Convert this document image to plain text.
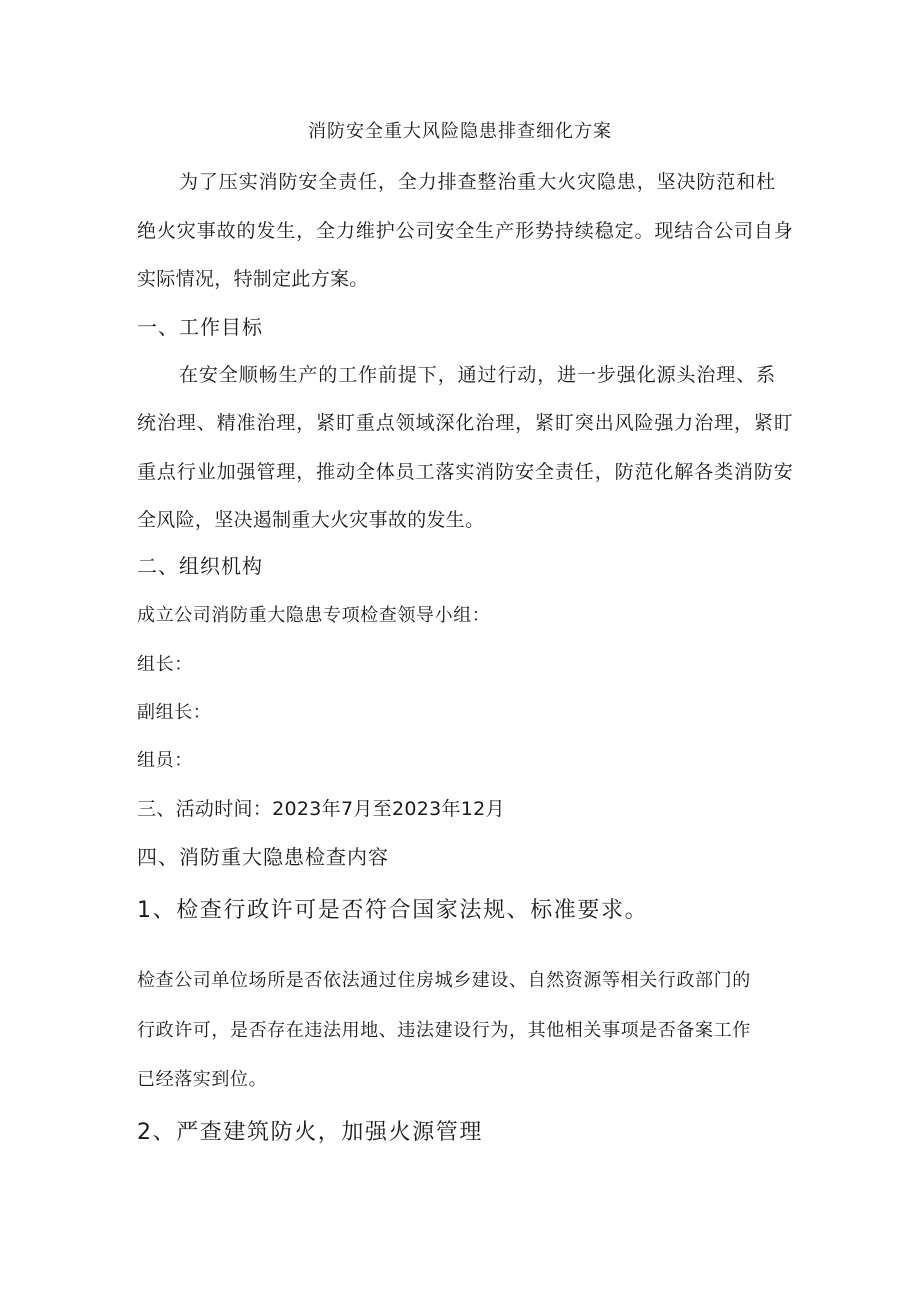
消防安全重大风险隐患排查细化方案
为了压实消防安全责任，全力排查整治重大火灾隐患，坚决防范和杜
绝火灾事故的发生，全力维护公司安全生产形势持续稳定。现结合公司自身
实际情况，特制定此方案。
一、工作目标
在安全顺畅生产的工作前提下，通过行动，进一步强化源头治理、系
统治理、精准治理，紧盯重点领域深化治理，紧盯突出风险强力治理，紧盯
重点行业加强管理，推动全体员工落实消防安全责任，防范化解各类消防安
全风险，坚决遏制重大火灾事故的发生。
二、组织机构
成立公司消防重大隐患专项检查领导小组：
组长：
副组长：
组员：
三、活动时间：2023年7月至2023年12月
四、消防重大隐患检查内容
1、检查行政许可是否符合国家法规、标准要求。
检查公司单位场所是否依法通过住房城乡建设、自然资源等相关行政部门的
行政许可，是否存在违法用地、违法建设行为，其他相关事项是否备案工作
已经落实到位。
2、严查建筑防火，加强火源管理
